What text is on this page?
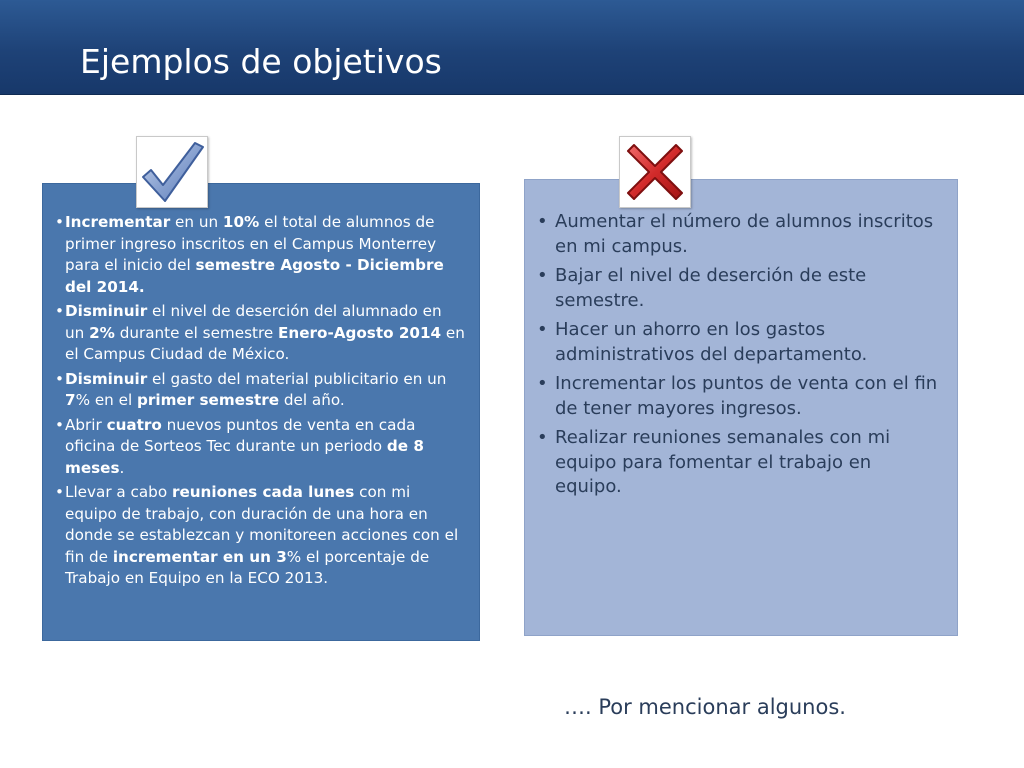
Ejemplos de objetivos
• Incrementar en un 10% el total de alumnos de primer ingreso inscritos en el Campus Monterrey para el inicio del semestre Agosto - Diciembre del 2014.
• Disminuir el nivel de deserción del alumnado en un 2% durante el semestre Enero-Agosto 2014 en el Campus Ciudad de México.
• Disminuir el gasto del material publicitario en un 7% en el primer semestre del año.
• Abrir cuatro nuevos puntos de venta en cada oficina de Sorteos Tec durante un periodo de 8 meses.
• Llevar a cabo reuniones cada lunes con mi equipo de trabajo, con duración de una hora en donde se establezcan y monitoreen acciones con el fin de incrementar en un 3% el porcentaje de Trabajo en Equipo en la ECO 2013.
• Aumentar el número de alumnos inscritos en mi campus.
• Bajar el nivel de deserción de este semestre.
• Hacer un ahorro en los gastos administrativos del departamento.
• Incrementar los puntos de venta con el fin de tener mayores ingresos.
• Realizar reuniones semanales con mi equipo para fomentar el trabajo en equipo.
…. Por mencionar algunos.
